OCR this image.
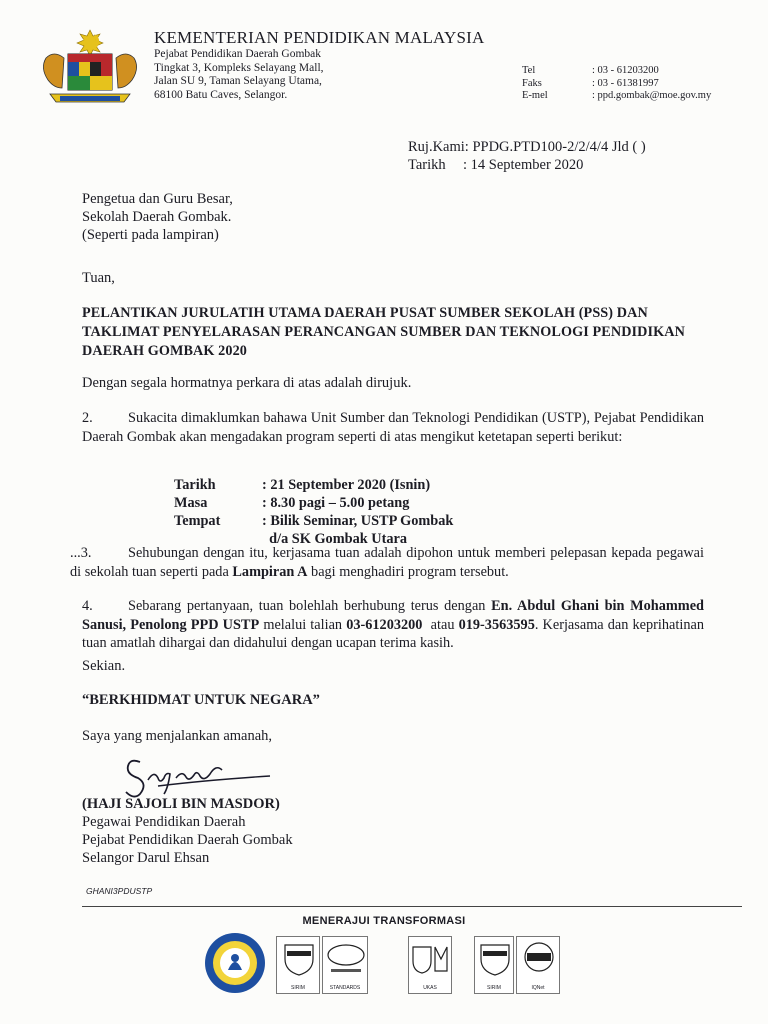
KEMENTERIAN PENDIDIKAN MALAYSIA
Pejabat Pendidikan Daerah Gombak
Tingkat 3, Kompleks Selayang Mall,
Jalan SU 9, Taman Selayang Utama,
68100 Batu Caves, Selangor.
Tel	: 03 - 61203200
Faks	: 03 - 61381997
E-mel	: ppd.gombak@moe.gov.my
Ruj.Kami:
PPDG.PTD100-2/2/4/4 Jld ( )
Tarikh	: 14 September 2020
Pengetua dan Guru Besar,
Sekolah Daerah Gombak.
(Seperti pada lampiran)
Tuan,
PELANTIKAN JURULATIH UTAMA DAERAH PUSAT SUMBER SEKOLAH (PSS) DAN TAKLIMAT PENYELARASAN PERANCANGAN SUMBER DAN TEKNOLOGI PENDIDIKAN DAERAH GOMBAK 2020
Dengan segala hormatnya perkara di atas adalah dirujuk.
2. Sukacita dimaklumkan bahawa Unit Sumber dan Teknologi Pendidikan (USTP), Pejabat Pendidikan Daerah Gombak akan mengadakan program seperti di atas mengikut ketetapan seperti berikut:
Tarikh	: 21 September 2020 (Isnin)
Masa	: 8.30 pagi – 5.00 petang
Tempat	: Bilik Seminar, USTP Gombak
d/a SK Gombak Utara
...3.	Sehubungan dengan itu, kerjasama tuan adalah dipohon untuk memberi pelepasan kepada pegawai di sekolah tuan seperti pada Lampiran A bagi menghadiri program tersebut.
4. Sebarang pertanyaan, tuan bolehlah berhubung terus dengan En. Abdul Ghani bin Mohammed Sanusi, Penolong PPD USTP melalui talian 03-61203200  atau 019-3563595. Kerjasama dan keprihatinan tuan amatlah dihargai dan didahului dengan ucapan terima kasih.
Sekian.
“BERKHIDMAT UNTUK NEGARA”
Saya yang menjalankan amanah,
(HAJI SAJOLI BIN MASDOR)
Pegawai Pendidikan Daerah
Pejabat Pendidikan Daerah Gombak
Selangor Darul Ehsan
GHANI3PDUSTP
MENERAJUI TRANSFORMASI
SIRIM	STANDARDS	UKAS	SIRIM	IQNet
